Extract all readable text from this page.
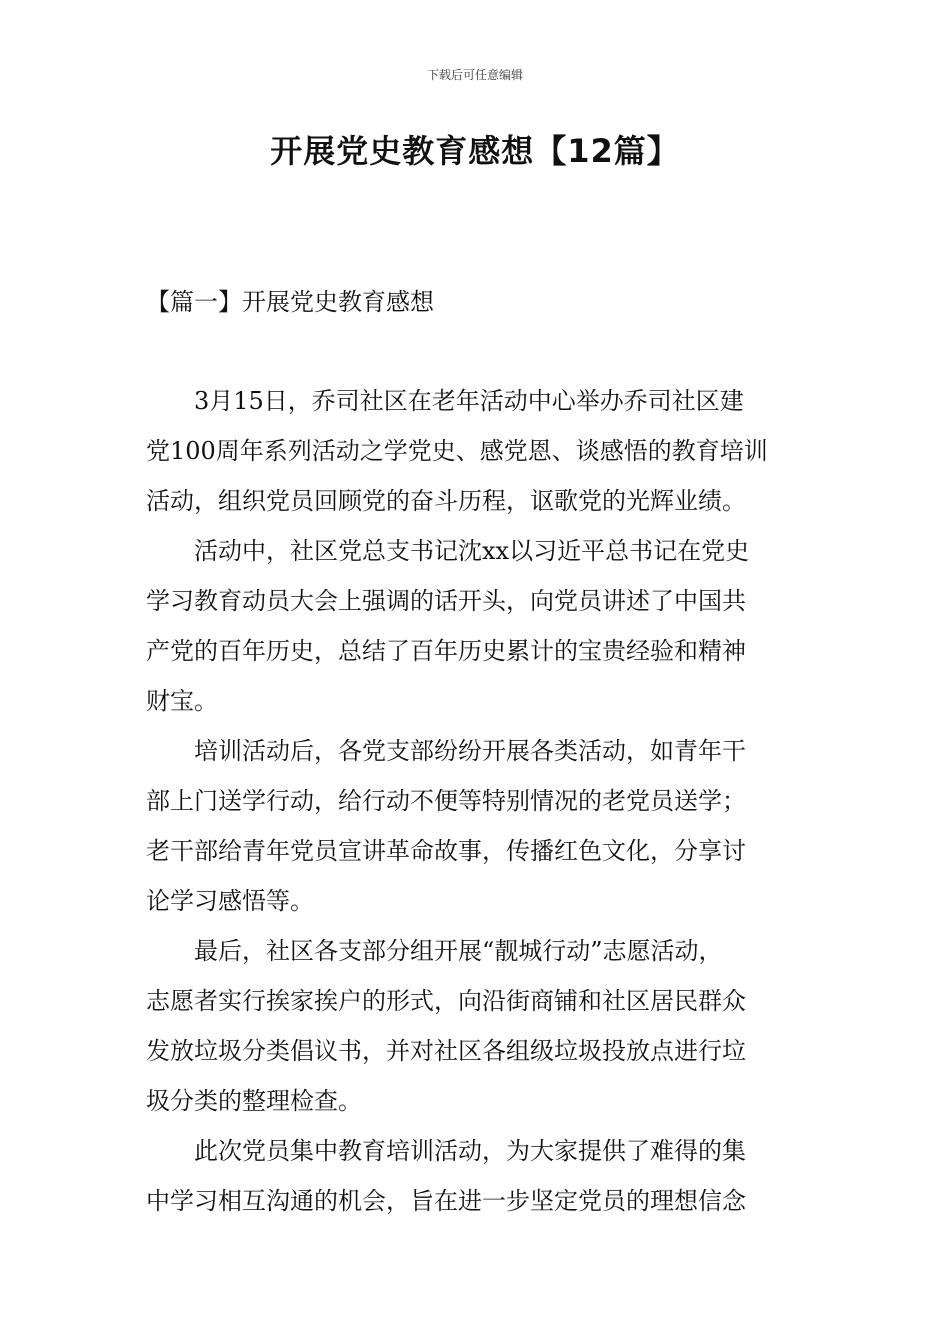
下载后可任意编辑
开展党史教育感想【12篇】
【篇一】开展党史教育感想

3月15日，乔司社区在老年活动中心举办乔司社区建
党100周年系列活动之学党史、感党恩、谈感悟的教育培训
活动，组织党员回顾党的奋斗历程，讴歌党的光辉业绩。

活动中，社区党总支书记沈xx以习近平总书记在党史
学习教育动员大会上强调的话开头，向党员讲述了中国共
产党的百年历史，总结了百年历史累计的宝贵经验和精神
财宝。

培训活动后，各党支部纷纷开展各类活动，如青年干
部上门送学行动，给行动不便等特别情况的老党员送学；
老干部给青年党员宣讲革命故事，传播红色文化，分享讨
论学习感悟等。

最后，社区各支部分组开展“靓城行动”志愿活动，
志愿者实行挨家挨户的形式，向沿街商铺和社区居民群众
发放垃圾分类倡议书，并对社区各组级垃圾投放点进行垃
圾分类的整理检查。

此次党员集中教育培训活动，为大家提供了难得的集
中学习相互沟通的机会，旨在进一步坚定党员的理想信念
